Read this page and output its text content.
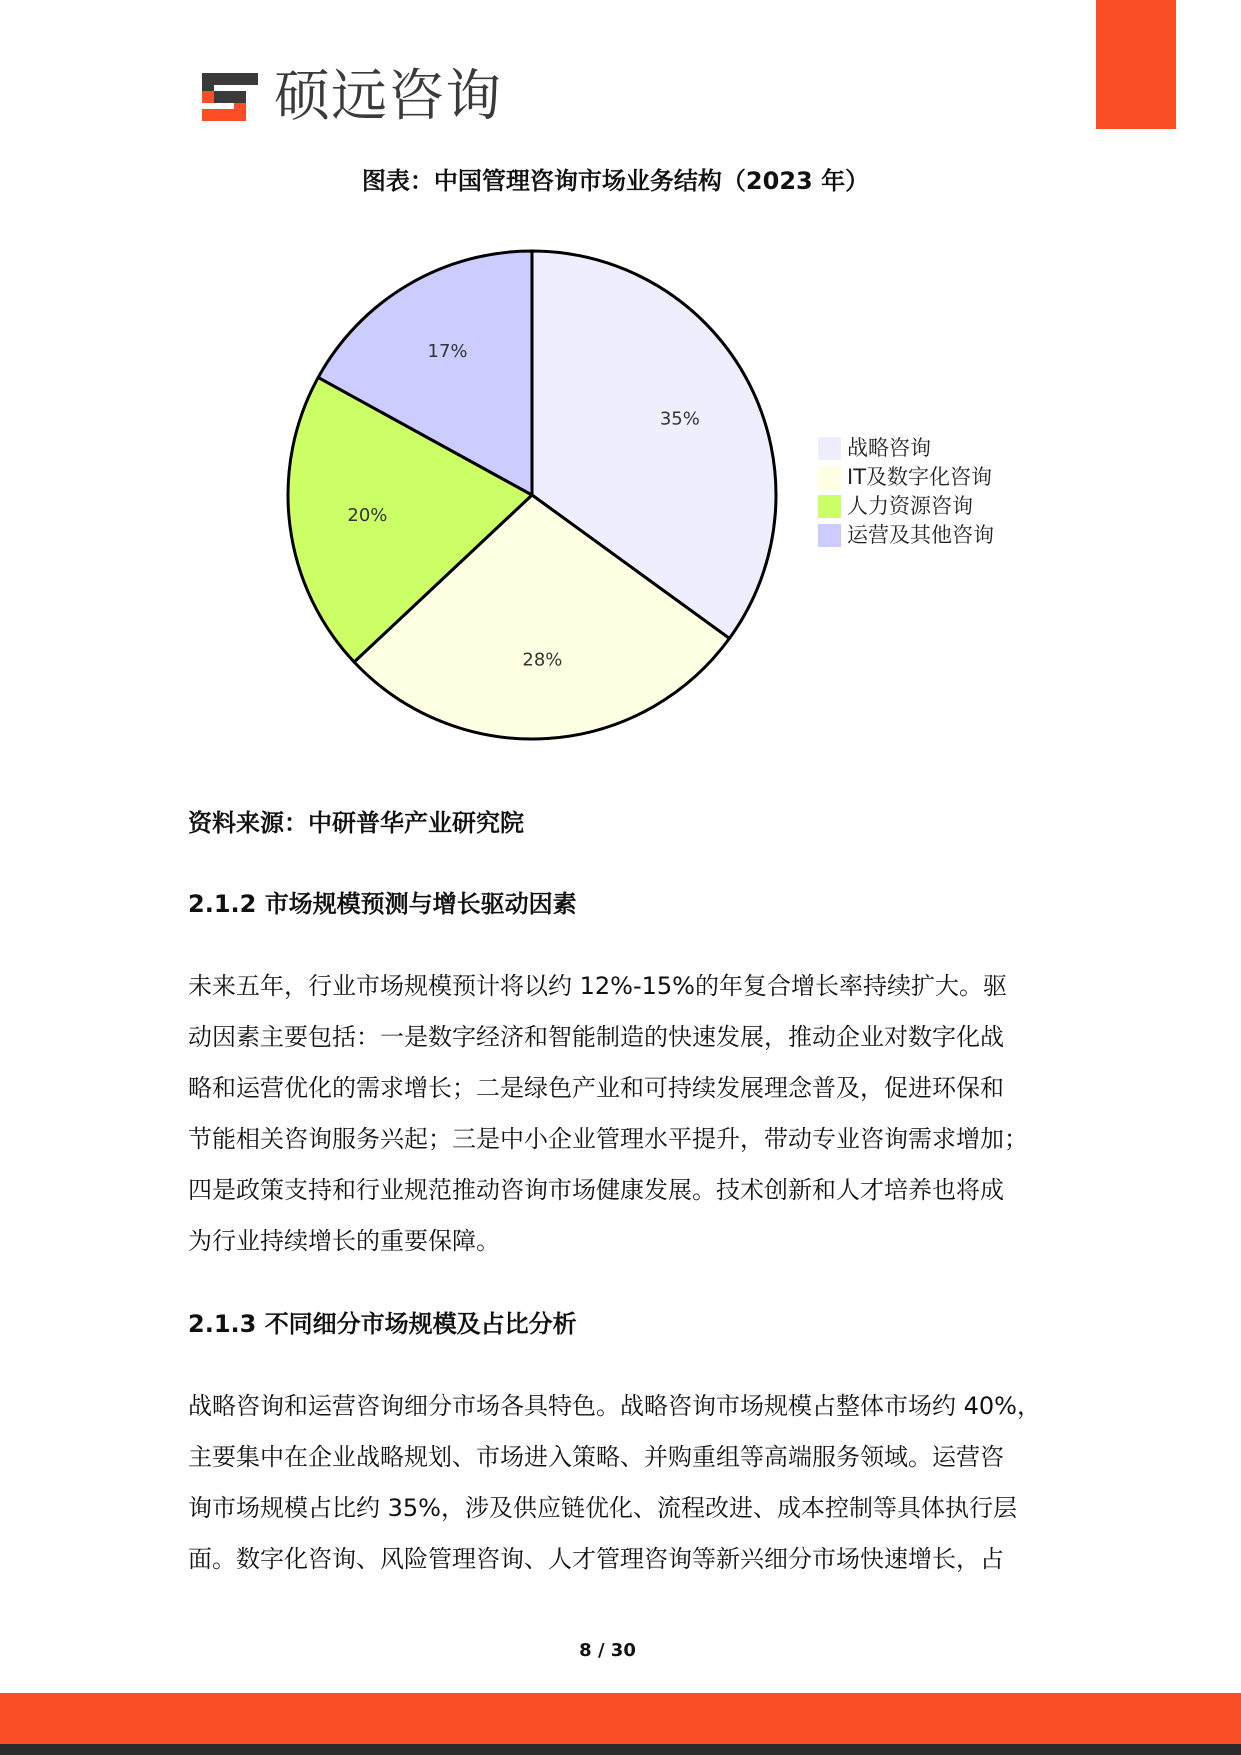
硕远咨询
图表：中国管理咨询市场业务结构（2023 年）
35%
28%
20%
17%
战略咨询
IT及数字化咨询
人力资源咨询
运营及其他咨询
资料来源：中研普华产业研究院
2.1.2 市场规模预测与增长驱动因素
未来五年，行业市场规模预计将以约 12%-15%的年复合增长率持续扩大。驱
动因素主要包括：一是数字经济和智能制造的快速发展，推动企业对数字化战
略和运营优化的需求增长；二是绿色产业和可持续发展理念普及，促进环保和
节能相关咨询服务兴起；三是中小企业管理水平提升，带动专业咨询需求增加；
四是政策支持和行业规范推动咨询市场健康发展。技术创新和人才培养也将成
为行业持续增长的重要保障。
2.1.3 不同细分市场规模及占比分析
战略咨询和运营咨询细分市场各具特色。战略咨询市场规模占整体市场约 40%，
主要集中在企业战略规划、市场进入策略、并购重组等高端服务领域。运营咨
询市场规模占比约 35%，涉及供应链优化、流程改进、成本控制等具体执行层
面。数字化咨询、风险管理咨询、人才管理咨询等新兴细分市场快速增长，占
8 / 30
